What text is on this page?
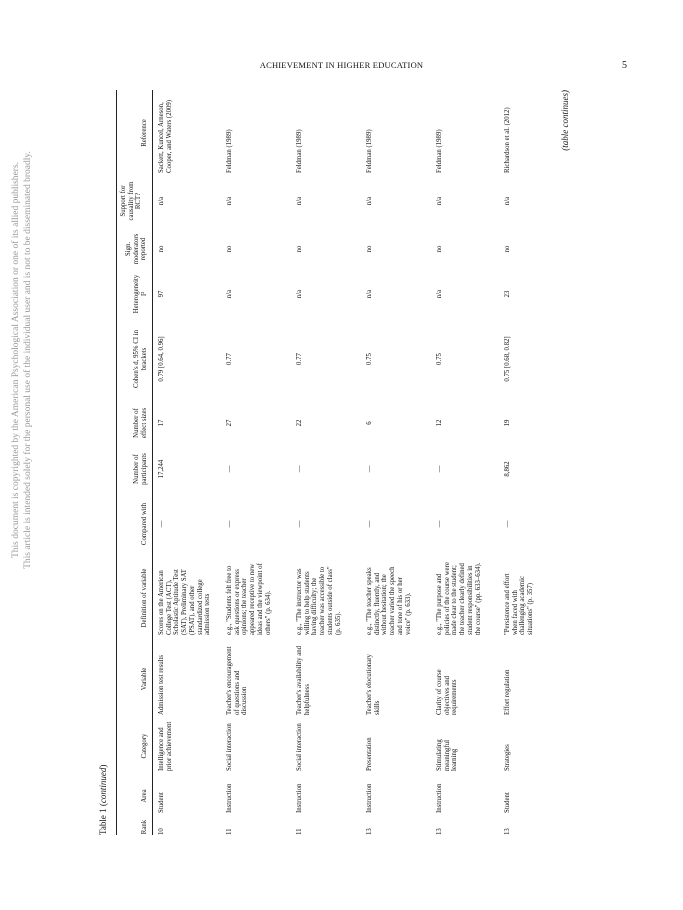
ACHIEVEMENT IN HIGHER EDUCATION	5
This document is copyrighted by the American Psychological Association or one of its allied publishers. This article is intended solely for the personal use of the individual user and is not to be disseminated broadly.
Table 1 (continued)
Rank
Area
Category
Variable
Definition of variable
Compared with
Number of participants
Number of effect sizes
Cohen's d, 95% CI in brackets
Heterogeneity I²
Sign. moderators reported
Support for causality from RCT?
Reference
10
Student
Intelligence and prior achievement
Admission test results
Scores on the American College Test (ACT), Scholastic Aptitude Test (SAT), Preliminary SAT (PSAT), and other standardized college admission tests
—
17,244
17
0.79 [0.64, 0.96]
97
no
n/a
Sackett, Kuncel, Arneson, Cooper, and Waters (2009)
11
Instruction
Social interaction
Teacher's encouragement of questions and discussion
e.g., "Students felt free to ask questions or express opinions; the teacher appeared receptive to new ideas and the viewpoint of others" (p. 634).
—
—
27
0.77
n/a
no
n/a
Feldman (1989)
11
Instruction
Social interaction
Teacher's availability and helpfulness
e.g., "The instructor was willing to help students having difficulty; the teacher was accessible to students outside of class" (p. 635).
—
—
22
0.77
n/a
no
n/a
Feldman (1989)
13
Instruction
Presentation
Teacher's elocutionary skills
e.g., "The teacher speaks distinctly, fluently, and without hesitation; the teacher varied the speech and tone of his or her voice" (p. 633).
—
—
6
0.75
n/a
no
n/a
Feldman (1989)
13
Instruction
Stimulating meaningful learning
Clarity of course objectives and requirements
e.g., "The purpose and policies of the course were made clear to the student; the teacher clearly defined student responsibilities in the course" (pp. 633–634).
—
—
12
0.75
n/a
no
n/a
Feldman (1989)
13
Student
Strategies
Effort regulation
"Persistence and effort when faced with challenging academic situations" (p. 357)
—
8,862
19
0.75 [0.68, 0.82]
23
no
n/a
Richardson et al. (2012)	(table continues)
